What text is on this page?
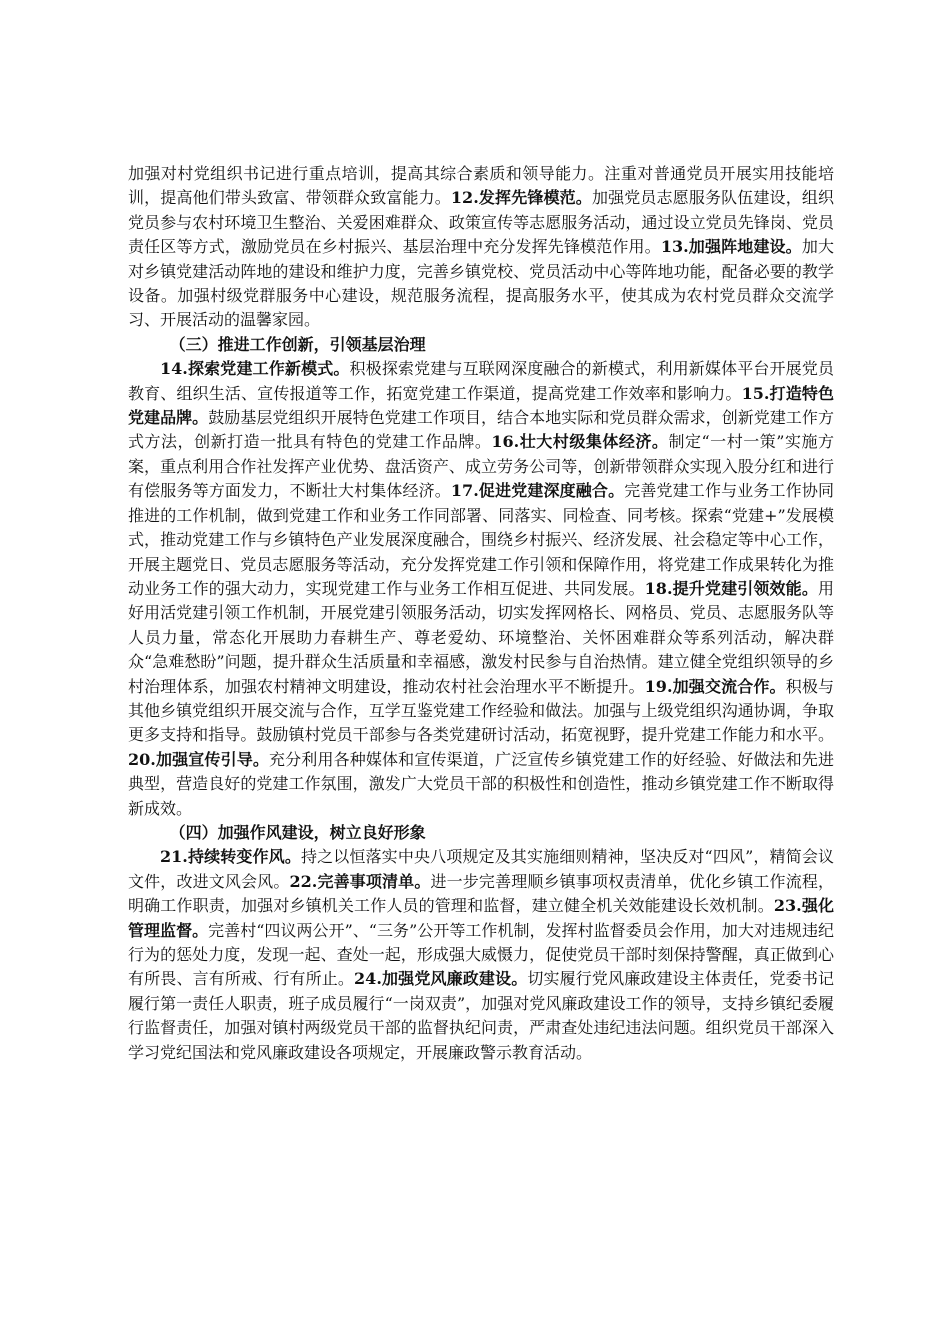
加强对村党组织书记进行重点培训，提高其综合素质和领导能力。注重对普通党员开展实用技能培训，提高他们带头致富、带领群众致富能力。12.发挥先锋模范。加强党员志愿服务队伍建设，组织党员参与农村环境卫生整治、关爱困难群众、政策宣传等志愿服务活动，通过设立党员先锋岗、党员责任区等方式，激励党员在乡村振兴、基层治理中充分发挥先锋模范作用。13.加强阵地建设。加大对乡镇党建活动阵地的建设和维护力度，完善乡镇党校、党员活动中心等阵地功能，配备必要的教学设备。加强村级党群服务中心建设，规范服务流程，提高服务水平，使其成为农村党员群众交流学习、开展活动的温馨家园。

（三）推进工作创新，引领基层治理

14.探索党建工作新模式。积极探索党建与互联网深度融合的新模式，利用新媒体平台开展党员教育、组织生活、宣传报道等工作，拓宽党建工作渠道，提高党建工作效率和影响力。15.打造特色党建品牌。鼓励基层党组织开展特色党建工作项目，结合本地实际和党员群众需求，创新党建工作方式方法，创新打造一批具有特色的党建工作品牌。16.壮大村级集体经济。制定“一村一策”实施方案，重点利用合作社发挥产业优势、盘活资产、成立劳务公司等，创新带领群众实现入股分红和进行有偿服务等方面发力，不断壮大村集体经济。17.促进党建深度融合。完善党建工作与业务工作协同推进的工作机制，做到党建工作和业务工作同部署、同落实、同检查、同考核。探索“党建+”发展模式，推动党建工作与乡镇特色产业发展深度融合，围绕乡村振兴、经济发展、社会稳定等中心工作，开展主题党日、党员志愿服务等活动，充分发挥党建工作引领和保障作用，将党建工作成果转化为推动业务工作的强大动力，实现党建工作与业务工作相互促进、共同发展。18.提升党建引领效能。用好用活党建引领工作机制，开展党建引领服务活动，切实发挥网格长、网格员、党员、志愿服务队等人员力量，常态化开展助力春耕生产、尊老爱幼、环境整治、关怀困难群众等系列活动，解决群众“急难愁盼”问题，提升群众生活质量和幸福感，激发村民参与自治热情。建立健全党组织领导的乡村治理体系，加强农村精神文明建设，推动农村社会治理水平不断提升。19.加强交流合作。积极与其他乡镇党组织开展交流与合作，互学互鉴党建工作经验和做法。加强与上级党组织沟通协调，争取更多支持和指导。鼓励镇村党员干部参与各类党建研讨活动，拓宽视野，提升党建工作能力和水平。20.加强宣传引导。充分利用各种媒体和宣传渠道，广泛宣传乡镇党建工作的好经验、好做法和先进典型，营造良好的党建工作氛围，激发广大党员干部的积极性和创造性，推动乡镇党建工作不断取得新成效。

（四）加强作风建设，树立良好形象

21.持续转变作风。持之以恒落实中央八项规定及其实施细则精神，坚决反对“四风”，精简会议文件，改进文风会风。22.完善事项清单。进一步完善理顺乡镇事项权责清单，优化乡镇工作流程，明确工作职责，加强对乡镇机关工作人员的管理和监督，建立健全机关效能建设长效机制。23.强化管理监督。完善村“四议两公开”、“三务”公开等工作机制，发挥村监督委员会作用，加大对违规违纪行为的惩处力度，发现一起、查处一起，形成强大威慑力，促使党员干部时刻保持警醒，真正做到心有所畏、言有所戒、行有所止。24.加强党风廉政建设。切实履行党风廉政建设主体责任，党委书记履行第一责任人职责，班子成员履行“一岗双责”，加强对党风廉政建设工作的领导，支持乡镇纪委履行监督责任，加强对镇村两级党员干部的监督执纪问责，严肃查处违纪违法问题。组织党员干部深入学习党纪国法和党风廉政建设各项规定，开展廉政警示教育活动。
